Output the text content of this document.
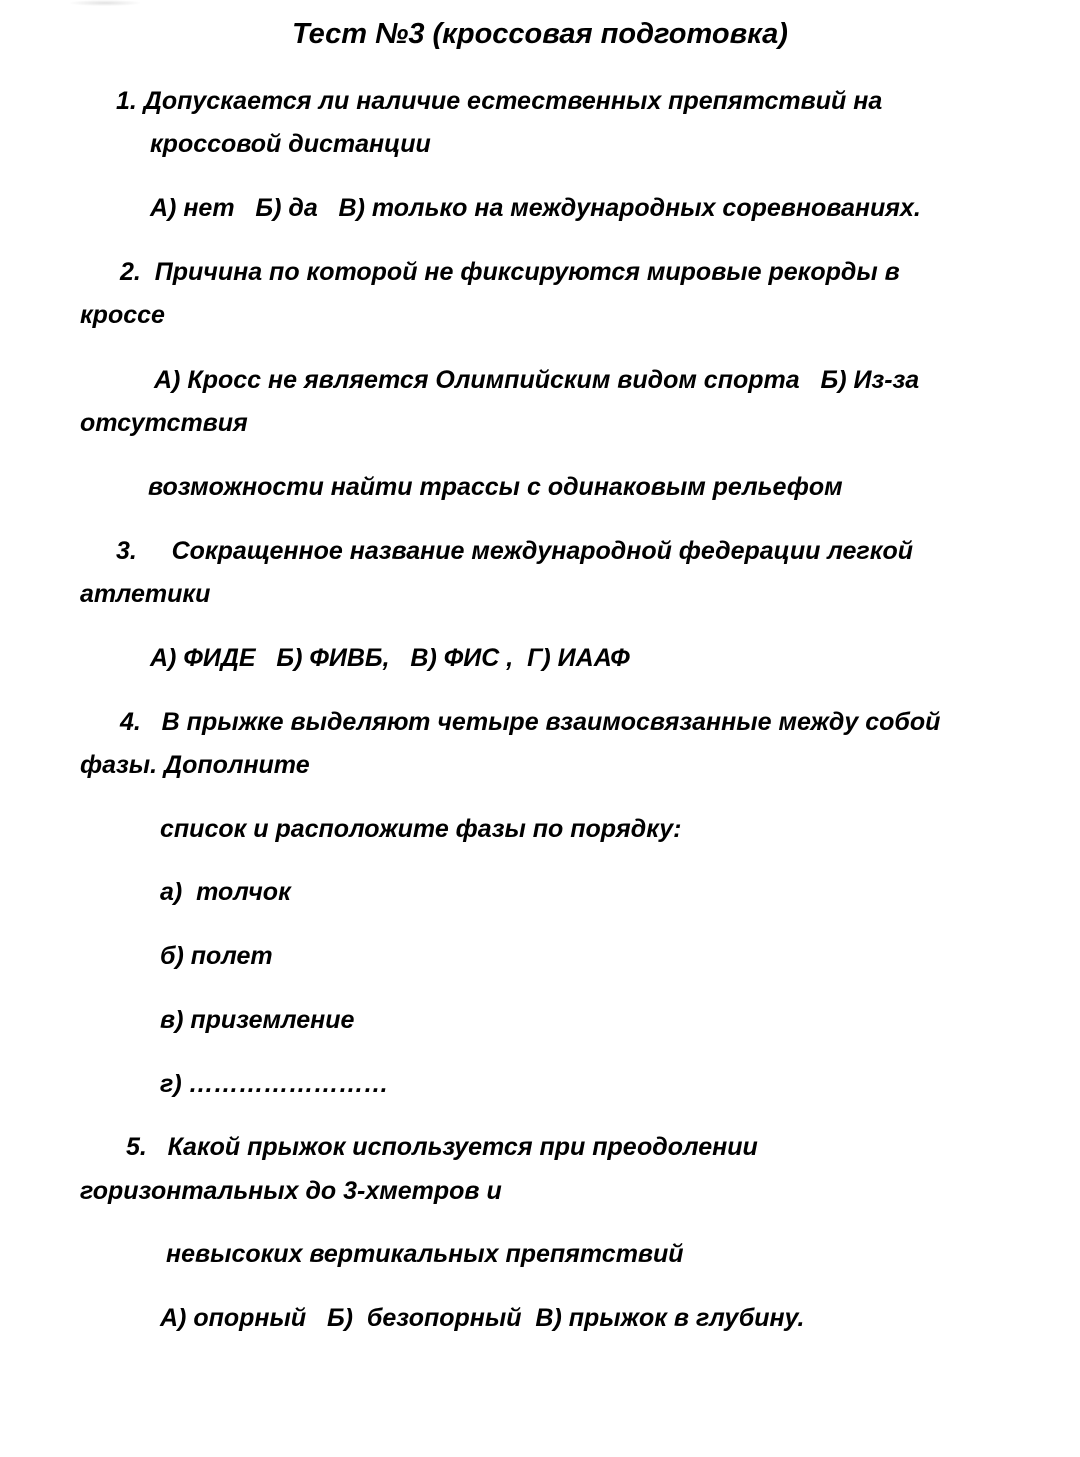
Тест №3 (кроссовая подготовка)
1. Допускается ли наличие естественных препятствий на
кроссовой дистанции
А) нет   Б) да   В) только на международных соревнованиях.
2.  Причина по которой не фиксируются мировые рекорды в
кроссе
А) Кросс не является Олимпийским видом спорта   Б) Из-за
отсутствия
возможности найти трассы с одинаковым рельефом
3.     Сокращенное название международной федерации легкой
атлетики
А) ФИДЕ   Б) ФИВБ,   В) ФИС ,  Г) ИААФ
4.   В прыжке выделяют четыре взаимосвязанные между собой
фазы. Дополните
список и расположите фазы по порядку:
а)  толчок
б) полет
в) приземление
г) ……………………
5.   Какой прыжок используется при преодолении
горизонтальных до 3-хметров и
невысоких вертикальных препятствий
А) опорный   Б)  безопорный  В) прыжок в глубину.
